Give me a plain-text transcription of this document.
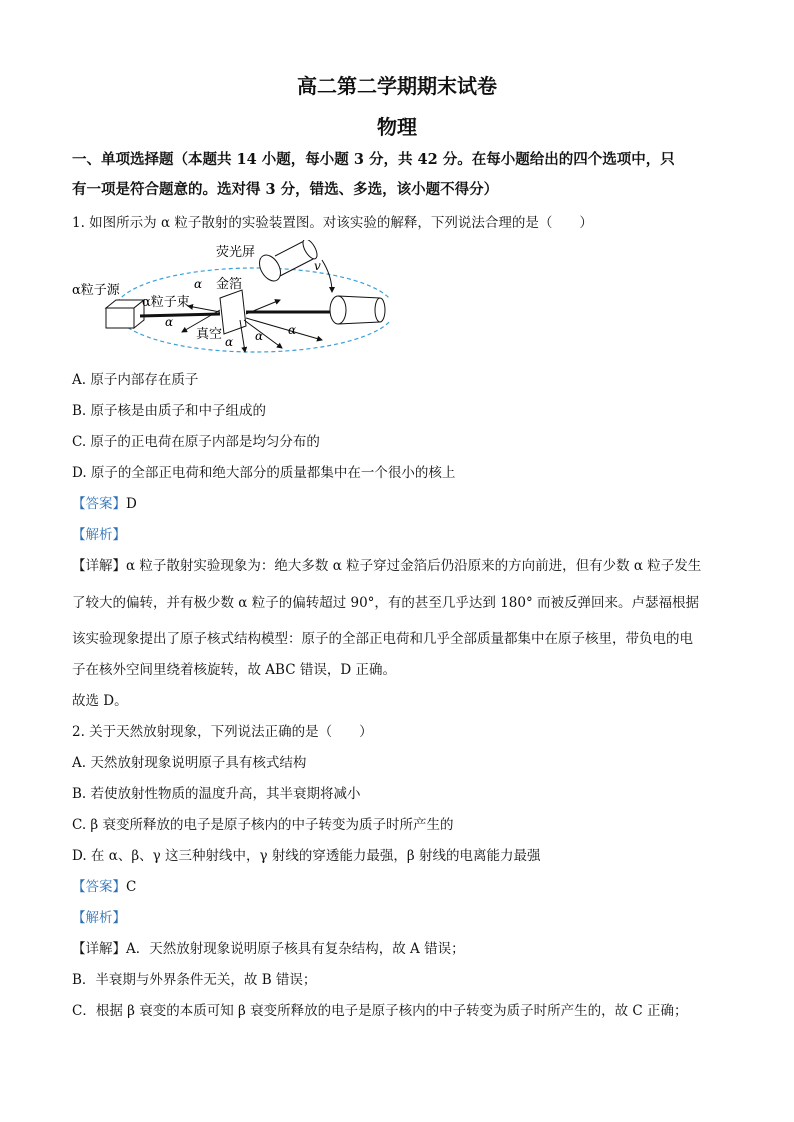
高二第二学期期末试卷
物理
一、单项选择题（本题共 14 小题，每小题 3 分，共 42 分。在每小题给出的四个选项中，只
有一项是符合题意的。选对得 3 分，错选、多选，该小题不得分）
1. 如图所示为 α 粒子散射的实验装置图。对该实验的解释，下列说法合理的是（　　）
荧光屏
α粒子源	金箔
α粒子束
真空
α
α
α α α
v
A. 原子内部存在质子
B. 原子核是由质子和中子组成的
C. 原子的正电荷在原子内部是均匀分布的
D. 原子的全部正电荷和绝大部分的质量都集中在一个很小的核上
【答案】D
【解析】
【详解】α 粒子散射实验现象为：绝大多数 α 粒子穿过金箔后仍沿原来的方向前进，但有少数 α 粒子发生
了较大的偏转，并有极少数 α 粒子的偏转超过 90°，有的甚至几乎达到 180° 而被反弹回来。卢瑟福根据
该实验现象提出了原子核式结构模型：原子的全部正电荷和几乎全部质量都集中在原子核里，带负电的电
子在核外空间里绕着核旋转，故 ABC 错误，D 正确。
故选 D。
2. 关于天然放射现象，下列说法正确的是（　　）
A. 天然放射现象说明原子具有核式结构
B. 若使放射性物质的温度升高，其半衰期将减小
C. β 衰变所释放的电子是原子核内的中子转变为质子时所产生的
D. 在 α、β、γ 这三种射线中，γ 射线的穿透能力最强，β 射线的电离能力最强
【答案】C
【解析】
【详解】A．天然放射现象说明原子核具有复杂结构，故 A 错误；
B．半衰期与外界条件无关，故 B 错误；
C．根据 β 衰变的本质可知 β 衰变所释放的电子是原子核内的中子转变为质子时所产生的，故 C 正确；
